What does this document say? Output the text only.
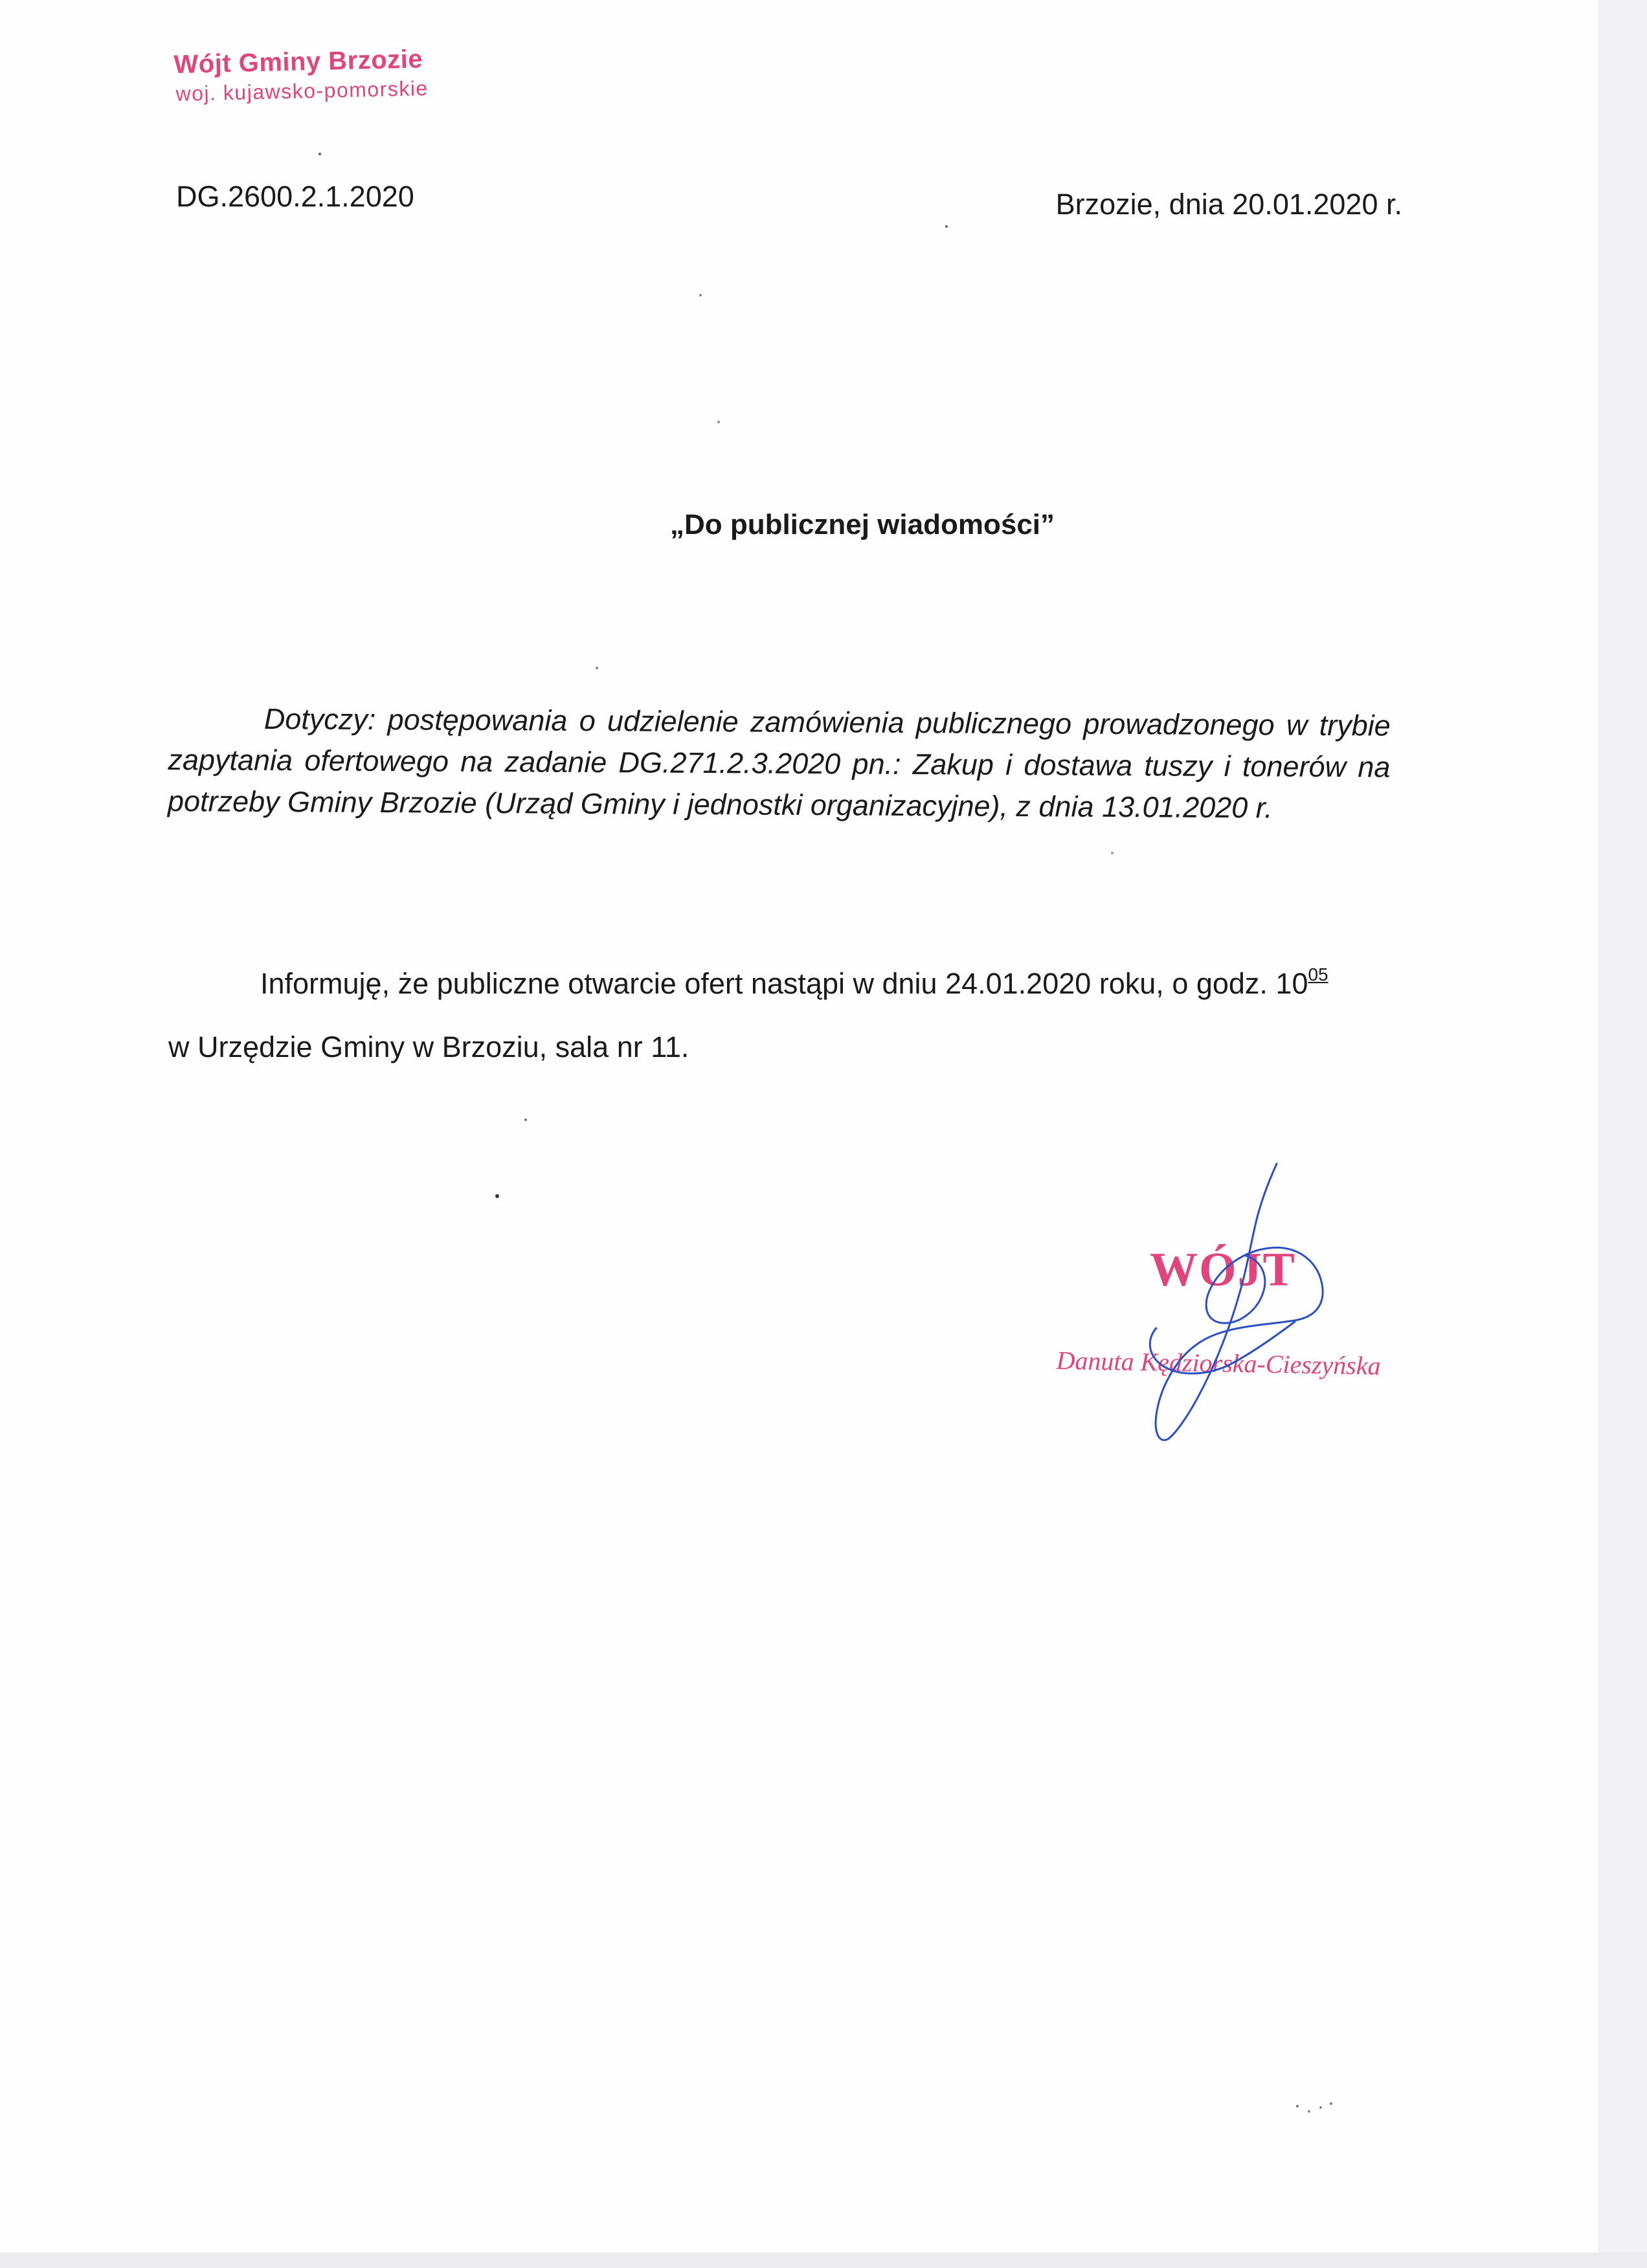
Wójt Gminy Brzozie
woj. kujawsko-pomorskie
DG.2600.2.1.2020	Brzozie, dnia 20.01.2020 r.
„Do publicznej wiadomości”
Dotyczy: postępowania o udzielenie zamówienia publicznego prowadzonego w trybie zapytania ofertowego na zadanie DG.271.2.3.2020 pn.: Zakup i dostawa tuszy i tonerów na potrzeby Gminy Brzozie (Urząd Gminy i jednostki organizacyjne), z dnia 13.01.2020 r.
Informuję, że publiczne otwarcie ofert nastąpi w dniu 24.01.2020 roku, o godz. $10^{05}$
w Urzędzie Gminy w Brzoziu, sala nr 11.
WÓJT
Danuta Kędziorska-Cieszyńska
